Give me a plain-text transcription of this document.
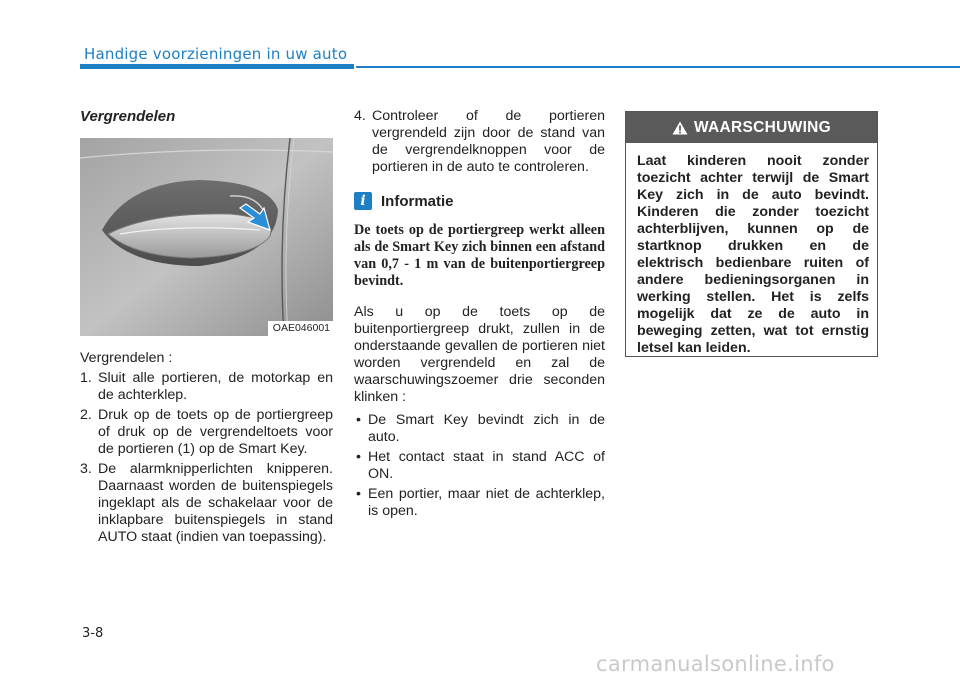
Handige voorzieningen in uw auto
Vergrendelen
OAE046001
Vergrendelen :
1. Sluit alle portieren, de motorkap en de achterklep.
2. Druk op de toets op de portiergreep of druk op de vergrendeltoets voor de portieren (1) op de Smart Key.
3. De alarmknipperlichten knipperen. Daarnaast worden de buitenspiegels ingeklapt als de schakelaar voor de inklapbare buitenspiegels in stand AUTO staat (indien van toepassing).
4. Controleer of de portieren vergrendeld zijn door de stand van de vergrendelknoppen voor de portieren in de auto te controleren.
i	Informatie
De toets op de portiergreep werkt alleen als de Smart Key zich binnen een afstand van 0,7 - 1 m van de buitenportiergreep bevindt.
Als u op de toets op de buitenportiergreep drukt, zullen in de onderstaande gevallen de portieren niet worden vergrendeld en zal de waarschuwingszoemer drie seconden klinken :
• De Smart Key bevindt zich in de auto.
• Het contact staat in stand ACC of ON.
• Een portier, maar niet de achterklep, is open.
WAARSCHUWING
Laat kinderen nooit zonder toezicht achter terwijl de Smart Key zich in de auto bevindt. Kinderen die zonder toezicht achterblijven, kunnen op de startknop drukken en de elektrisch bedienbare ruiten of andere bedieningsorganen in werking stellen. Het is zelfs mogelijk dat ze de auto in beweging zetten, wat tot ernstig letsel kan leiden.
3-8
carmanualsonline.info
